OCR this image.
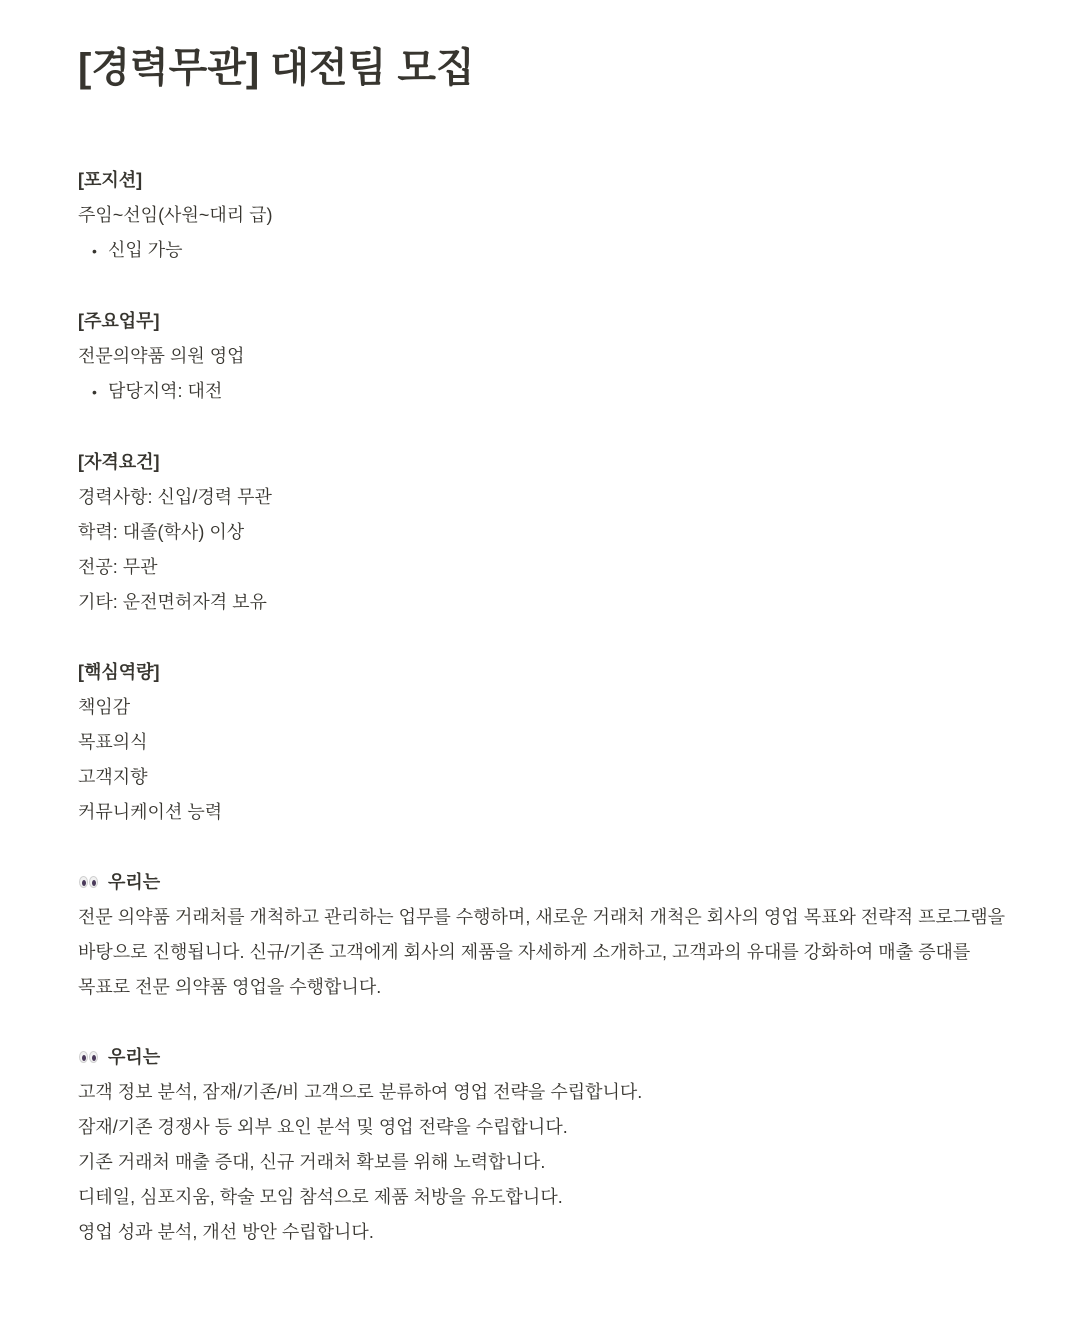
[경력무관] 대전팀 모집
[포지션]
주임~선임(사원~대리 급)
• 신입 가능
[주요업무]
전문의약품 의원 영업
• 담당지역: 대전
[자격요건]
경력사항: 신입/경력 무관
학력: 대졸(학사) 이상
전공: 무관
기타: 운전면허자격 보유
[핵심역량]
책임감
목표의식
고객지향
커뮤니케이션 능력
우리는
전문 의약품 거래처를 개척하고 관리하는 업무를 수행하며, 새로운 거래처 개척은 회사의 영업 목표와 전략적 프로그램을 바탕으로 진행됩니다. 신규/기존 고객에게 회사의 제품을 자세하게 소개하고, 고객과의 유대를 강화하여 매출 증대를 목표로 전문 의약품 영업을 수행합니다.
우리는
고객 정보 분석, 잠재/기존/비 고객으로 분류하여 영업 전략을 수립합니다.
잠재/기존 경쟁사 등 외부 요인 분석 및 영업 전략을 수립합니다.
기존 거래처 매출 증대, 신규 거래처 확보를 위해 노력합니다.
디테일, 심포지움, 학술 모임 참석으로 제품 처방을 유도합니다.
영업 성과 분석, 개선 방안 수립합니다.
